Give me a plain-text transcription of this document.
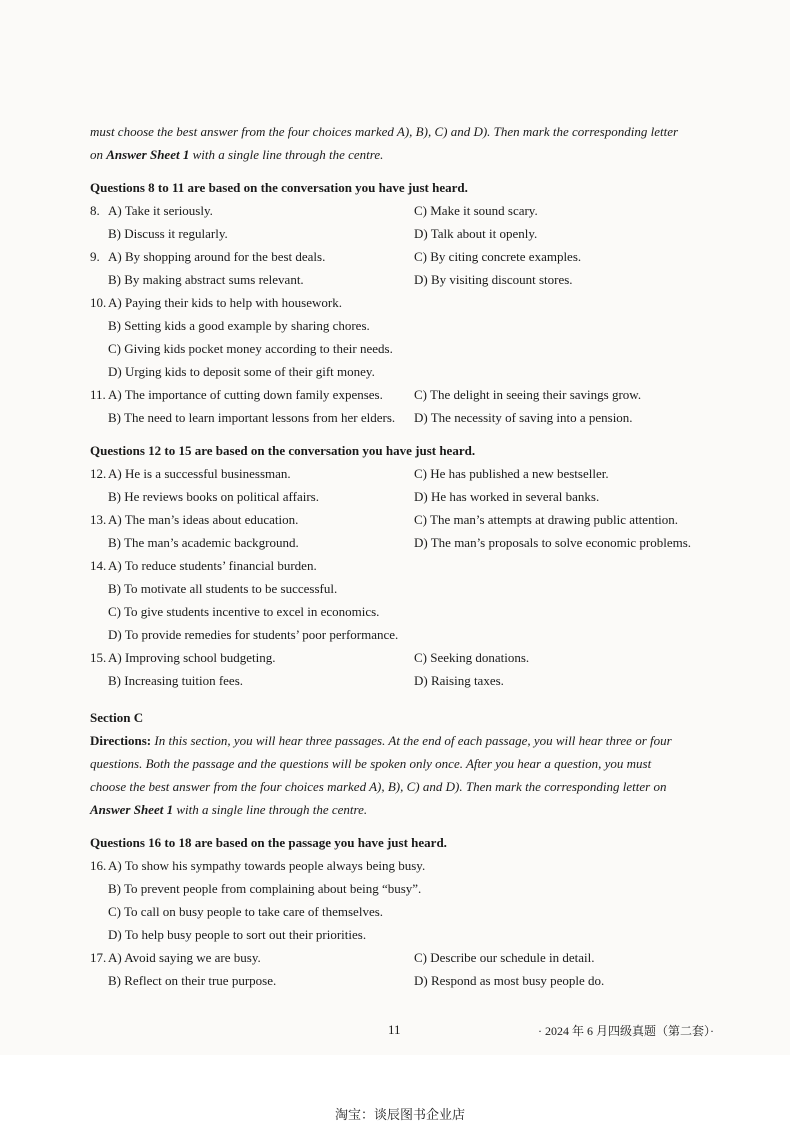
must choose the best answer from the four choices marked A), B), C) and D). Then mark the corresponding letter
on Answer Sheet 1 with a single line through the centre.
Questions 8 to 11 are based on the conversation you have just heard.
8. A) Take it seriously.	C) Make it sound scary.
B) Discuss it regularly.	D) Talk about it openly.
9. A) By shopping around for the best deals.	C) By citing concrete examples.
B) By making abstract sums relevant.	D) By visiting discount stores.
10. A) Paying their kids to help with housework.
B) Setting kids a good example by sharing chores.
C) Giving kids pocket money according to their needs.
D) Urging kids to deposit some of their gift money.
11. A) The importance of cutting down family expenses. C) The delight in seeing their savings grow.
B) The need to learn important lessons from her elders. D) The necessity of saving into a pension.
Questions 12 to 15 are based on the conversation you have just heard.
12. A) He is a successful businessman.	C) He has published a new bestseller.
B) He reviews books on political affairs.	D) He has worked in several banks.
13. A) The man’s ideas about education.	C) The man’s attempts at drawing public attention.
B) The man’s academic background.	D) The man’s proposals to solve economic problems.
14. A) To reduce students’ financial burden.
B) To motivate all students to be successful.
C) To give students incentive to excel in economics.
D) To provide remedies for students’ poor performance.
15. A) Improving school budgeting.	C) Seeking donations.
B) Increasing tuition fees.	D) Raising taxes.
Section C
Directions: In this section, you will hear three passages. At the end of each passage, you will hear three or four
questions. Both the passage and the questions will be spoken only once. After you hear a question, you must
choose the best answer from the four choices marked A), B), C) and D). Then mark the corresponding letter on
Answer Sheet 1 with a single line through the centre.
Questions 16 to 18 are based on the passage you have just heard.
16. A) To show his sympathy towards people always being busy.
B) To prevent people from complaining about being “busy”.
C) To call on busy people to take care of themselves.
D) To help busy people to sort out their priorities.
17. A) Avoid saying we are busy.	C) Describe our schedule in detail.
B) Reflect on their true purpose.	D) Respond as most busy people do.
11	· 2024 年 6 月四级真题（第二套）·
淘宝：谈辰图书企业店
